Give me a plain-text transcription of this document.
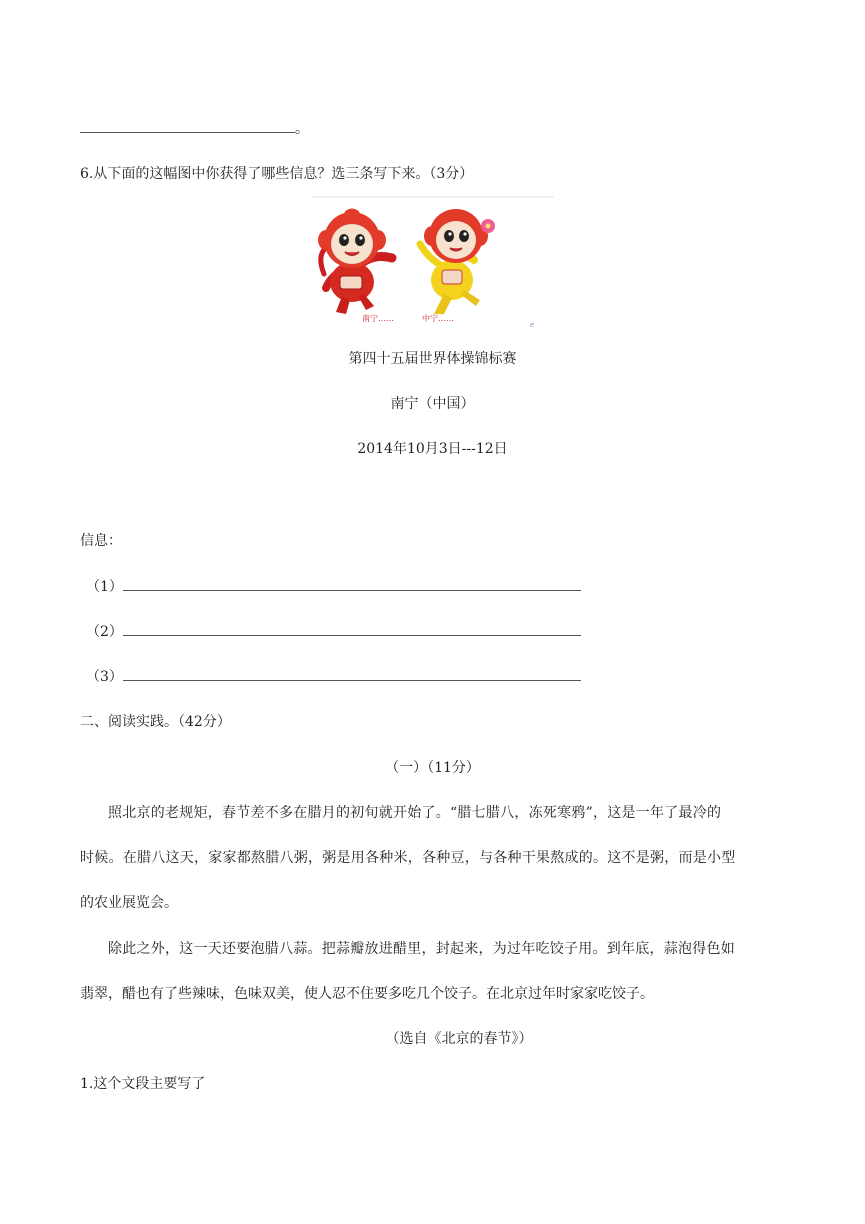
。
6.从下面的这幅图中你获得了哪些信息？选三条写下来。（3分）
e
南宁……	中宁……
第四十五届世界体操锦标赛
南宁（中国）
2014年10月3日---12日
信息：
（1）
（2）
（3）
二、阅读实践。（42分）
（一）（11分）
照北京的老规矩，春节差不多在腊月的初旬就开始了。“腊七腊八，冻死寒鸦”，这是一年了最冷的
时候。在腊八这天，家家都熬腊八粥，粥是用各种米，各种豆，与各种干果熬成的。这不是粥，而是小型
的农业展览会。
除此之外，这一天还要泡腊八蒜。把蒜瓣放进醋里，封起来，为过年吃饺子用。到年底，蒜泡得色如
翡翠，醋也有了些辣味，色味双美，使人忍不住要多吃几个饺子。在北京过年时家家吃饺子。
（选自《北京的春节》）
1.这个文段主要写了
